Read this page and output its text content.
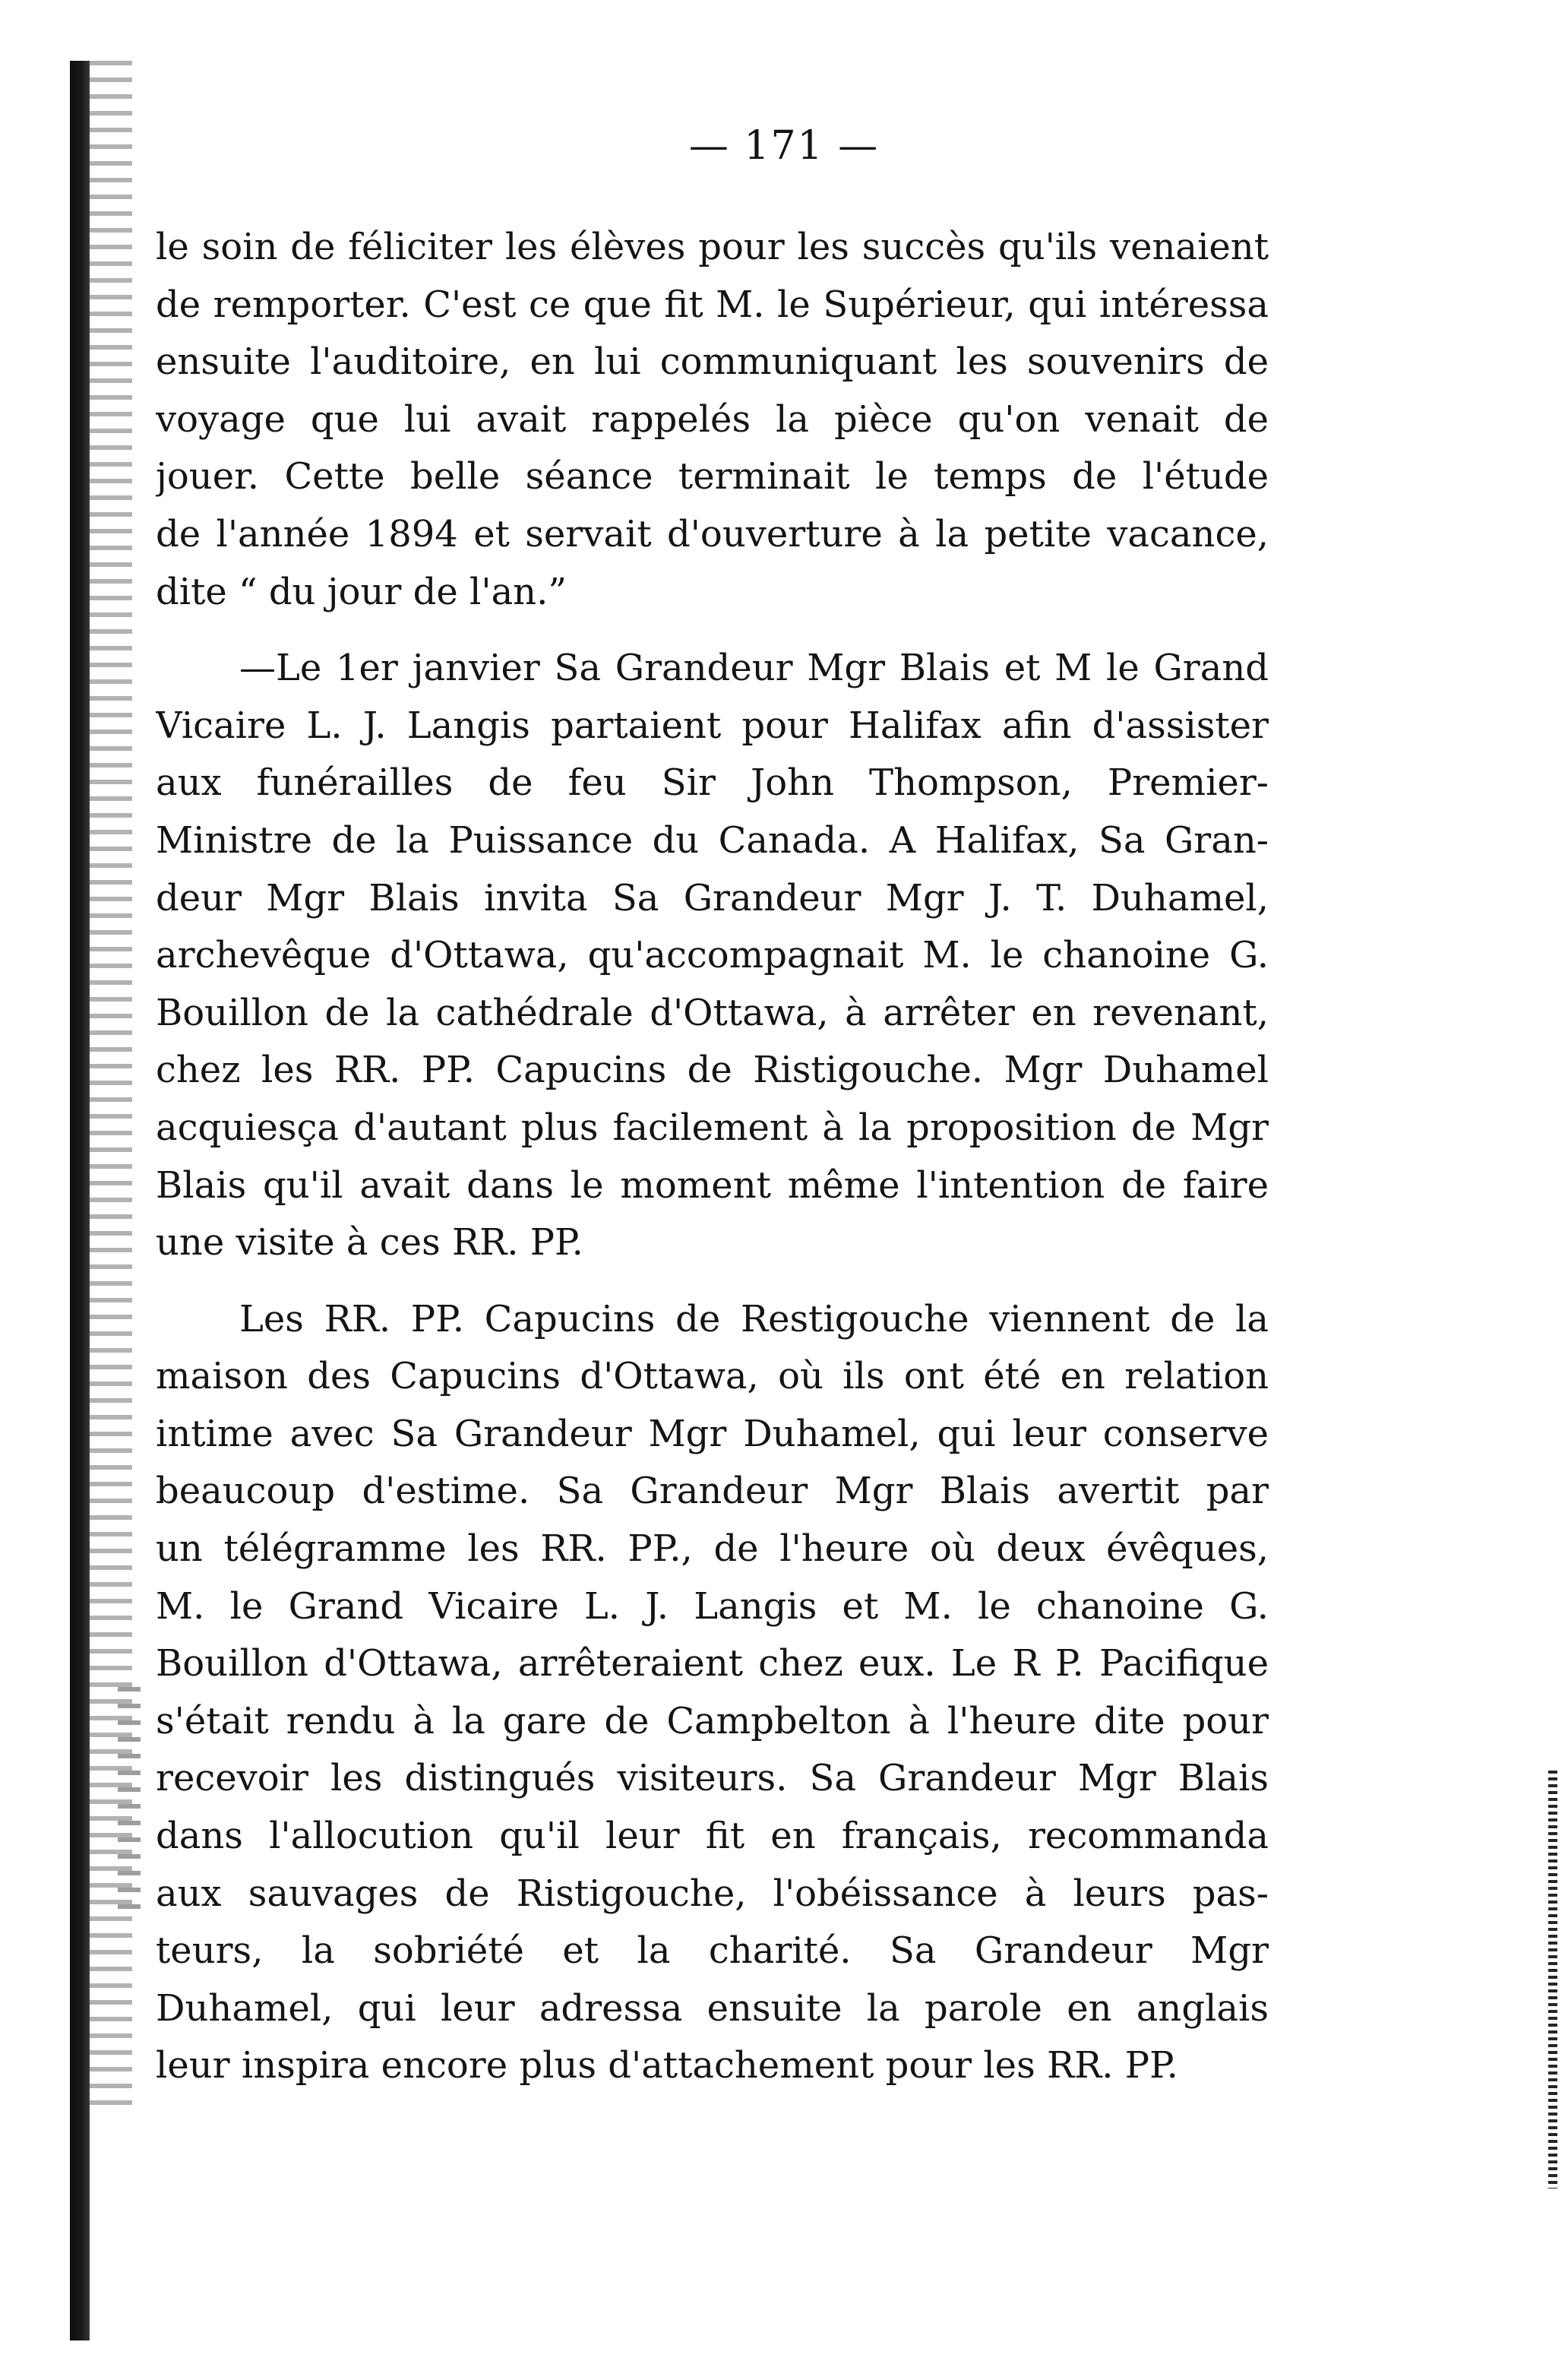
— 171 —
le soin de féliciter les élèves pour les succès qu'ils venaient
de remporter. C'est ce que fit M. le Supérieur, qui intéressa
ensuite l'auditoire, en lui communiquant les souvenirs de
voyage que lui avait rappelés la pièce qu'on venait de
jouer. Cette belle séance terminait le temps de l'étude
de l'année 1894 et servait d'ouverture à la petite vacance,
dite “ du jour de l'an.”
—Le 1er janvier Sa Grandeur Mgr Blais et M le Grand
Vicaire L. J. Langis partaient pour Halifax afin d'assister
aux funérailles de feu Sir John Thompson, Premier-
Ministre de la Puissance du Canada. A Halifax, Sa Gran-
deur Mgr Blais invita Sa Grandeur Mgr J. T. Duhamel,
archevêque d'Ottawa, qu'accompagnait M. le chanoine G.
Bouillon de la cathédrale d'Ottawa, à arrêter en revenant,
chez les RR. PP. Capucins de Ristigouche. Mgr Duhamel
acquiesça d'autant plus facilement à la proposition de Mgr
Blais qu'il avait dans le moment même l'intention de faire
une visite à ces RR. PP.
Les RR. PP. Capucins de Restigouche viennent de la
maison des Capucins d'Ottawa, où ils ont été en relation
intime avec Sa Grandeur Mgr Duhamel, qui leur conserve
beaucoup d'estime. Sa Grandeur Mgr Blais avertit par
un télégramme les RR. PP., de l'heure où deux évêques,
M. le Grand Vicaire L. J. Langis et M. le chanoine G.
Bouillon d'Ottawa, arrêteraient chez eux. Le R P. Pacifique
s'était rendu à la gare de Campbelton à l'heure dite pour
recevoir les distingués visiteurs. Sa Grandeur Mgr Blais
dans l'allocution qu'il leur fit en français, recommanda
aux sauvages de Ristigouche, l'obéissance à leurs pas-
teurs, la sobriété et la charité. Sa Grandeur Mgr
Duhamel, qui leur adressa ensuite la parole en anglais
leur inspira encore plus d'attachement pour les RR. PP.
